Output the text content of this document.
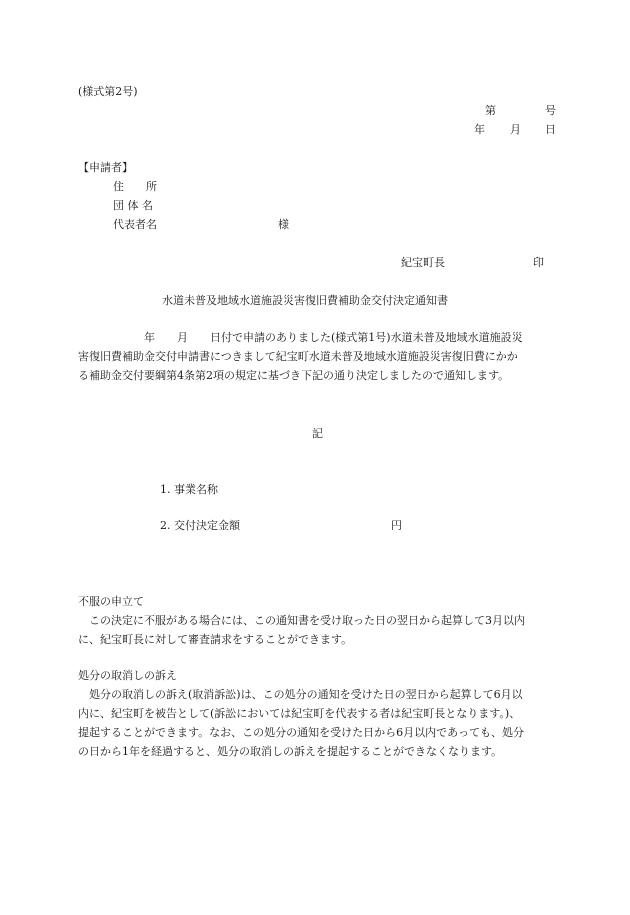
(様式第2号)
第	号
年 月 日
【申請者】
住　　所
団 体 名
代表者名	様
紀宝町長	印
水道未普及地域水道施設災害復旧費補助金交付決定通知書

　　　　　　年　　月　　日付で申請のありました(様式第1号)水道未普及地域水道施設災

害復旧費補助金交付申請書につきまして紀宝町水道未普及地域水道施設災害復旧費にかか

る補助金交付要綱第4条第2項の規定に基づき下記の通り決定しましたので通知します。

記
1. 事業名称
2. 交付決定金額	円
不服の申立て

　この決定に不服がある場合には、この通知書を受け取った日の翌日から起算して3月以内

に、紀宝町長に対して審査請求をすることができます。

処分の取消しの訴え

　処分の取消しの訴え(取消訴訟)は、この処分の通知を受けた日の翌日から起算して6月以

内に、紀宝町を被告として(訴訟においては紀宝町を代表する者は紀宝町長となります。)、

提起することができます。なお、この処分の通知を受けた日から6月以内であっても、処分

の日から1年を経過すると、処分の取消しの訴えを提起することができなくなります。
